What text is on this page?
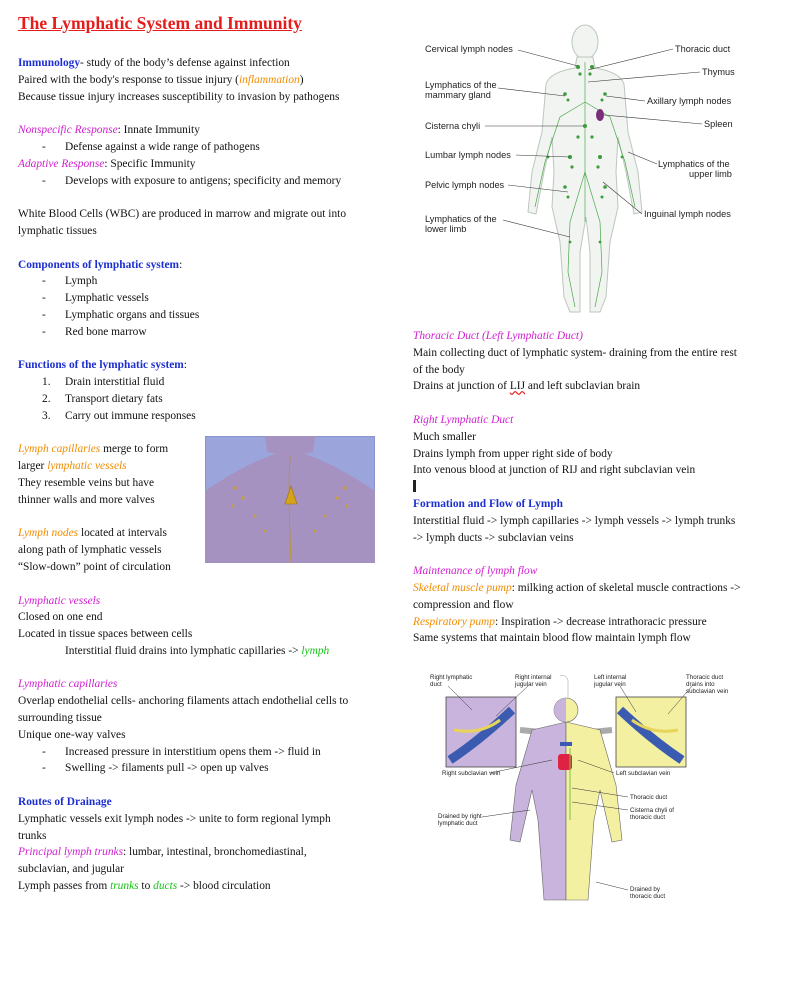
The Lymphatic System and Immunity

Immunology- study of the body’s defense against infection

Paired with the body's response to tissue injury (inflammation)

Because tissue injury increases susceptibility to invasion by pathogens

Nonspecific Response: Innate Immunity

- Defense against a wide range of pathogens

Adaptive Response: Specific Immunity

- Develops with exposure to antigens; specificity and memory

White Blood Cells (WBC) are produced in marrow and migrate out into

lymphatic tissues

Components of lymphatic system:

- Lymph

- Lymphatic vessels

- Lymphatic organs and tissues

- Red bone marrow

Functions of the lymphatic system:

1. Drain interstitial fluid

2. Transport dietary fats

3. Carry out immune responses

Lymph capillaries merge to form

larger lymphatic vessels

They resemble veins but have

thinner walls and more valves

Lymph nodes located at intervals

along path of lymphatic vessels

“Slow-down” point of circulation

Lymphatic vessels

Closed on one end

Located in tissue spaces between cells

Interstitial fluid drains into lymphatic capillaries -> lymph

Lymphatic capillaries

Overlap endothelial cells- anchoring filaments attach endothelial cells to

surrounding tissue

Unique one-way valves

- Increased pressure in interstitium opens them -> fluid in

- Swelling -> filaments pull -> open up valves

Routes of Drainage

Lymphatic vessels exit lymph nodes -> unite to form regional lymph

trunks

Principal lymph trunks: lumbar, intestinal, bronchomediastinal,

subclavian, and jugular

Lymph passes from trunks to ducts -> blood circulation

Cervical lymph nodes
Lymphatics of the
mammary gland
Cisterna chyli
Lumbar lymph nodes
Pelvic lymph nodes
Lymphatics of the
lower limb
Thoracic duct
Thymus
Axillary lymph nodes
Spleen
Lymphatics of the
upper limb
Inguinal lymph nodes

Thoracic Duct (Left Lymphatic Duct)

Main collecting duct of lymphatic system- draining from the entire rest

of the body

Drains at junction of LIJ and left subclavian brain

Right Lymphatic Duct

Much smaller

Drains lymph from upper right side of body

Into venous blood at junction of RIJ and right subclavian vein

Formation and Flow of Lymph

Interstitial fluid -> lymph capillaries -> lymph vessels -> lymph trunks

-> lymph ducts -> subclavian veins

Maintenance of lymph flow

Skeletal muscle pump: milking action of skeletal muscle contractions ->

compression and flow

Respiratory pump: Inspiration -> decrease intrathoracic pressure

Same systems that maintain blood flow maintain lymph flow

Right lymphatic
duct
Right internal
jugular vein
Left internal
jugular vein
Thoracic duct
drains into
subclavian vein
Right subclavian vein	Left subclavian vein
Thoracic duct
Cisterna chyli of
thoracic duct
Drained by right
lymphatic duct
Drained by
thoracic duct
